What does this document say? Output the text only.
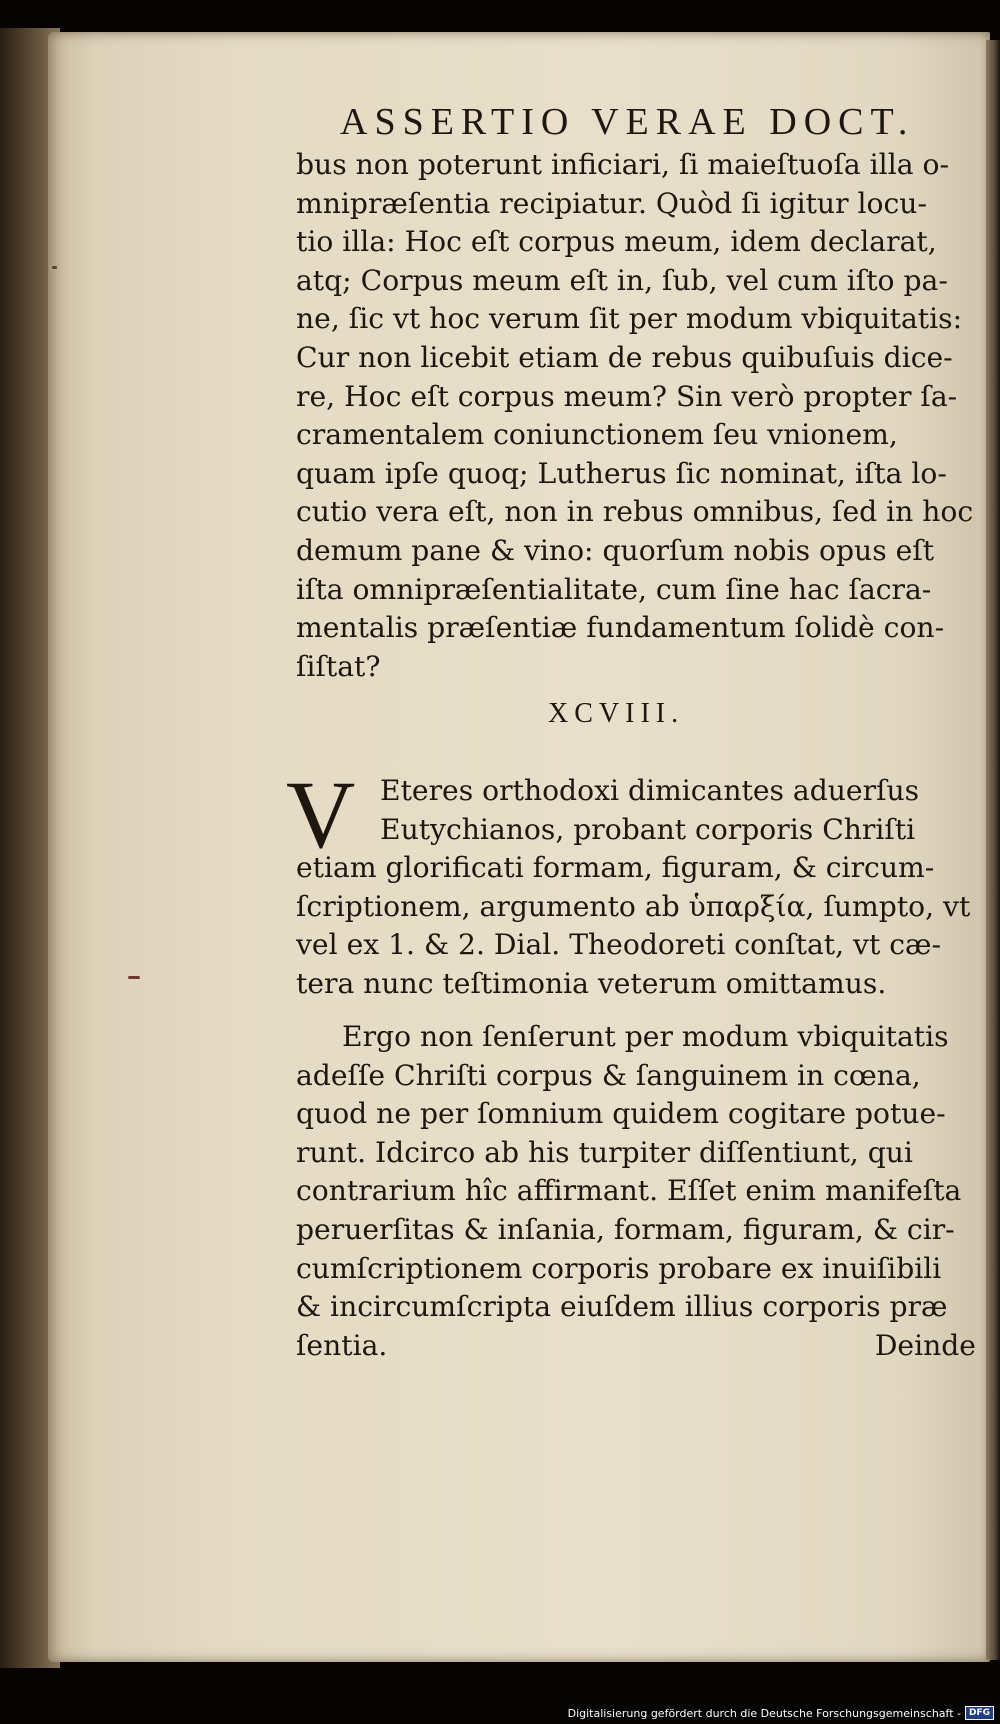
ASSERTIO VERAE DOCT.
bus non poterunt inficiari, ſi maieſtuoſa illa o-
mnipræſentia recipiatur. Quòd ſi igitur locu-
tio illa: Hoc eſt corpus meum, idem declarat,
atq; Corpus meum eſt in, ſub, vel cum iſto pa-
ne, ſic vt hoc verum ſit per modum vbiquitatis:
Cur non licebit etiam de rebus quibuſuis dice-
re, Hoc eſt corpus meum? Sin verò propter ſa-
cramentalem coniunctionem ſeu vnionem,
quam ipſe quoq; Lutherus ſic nominat, iſta lo-
cutio vera eſt, non in rebus omnibus, ſed in hoc
demum pane & vino: quorſum nobis opus eſt
iſta omnipræſentialitate, cum ſine hac ſacra-
mentalis præſentiæ fundamentum ſolidè con-
ſiſtat?
XCVIII.
V Eteres orthodoxi dimicantes aduerſus
Eutychianos, probant corporis Chriſti
etiam glorificati formam, figuram, & circum-
ſcriptionem, argumento ab ὑπαρξία, ſumpto, vt
vel ex 1. & 2. Dial. Theodoreti conſtat, vt cæ-
tera nunc teſtimonia veterum omittamus.
Ergo non ſenſerunt per modum vbiquitatis
adeſſe Chriſti corpus & ſanguinem in cœna,
quod ne per ſomnium quidem cogitare potue-
runt. Idcirco ab his turpiter diſſentiunt, qui
contrarium hîc affirmant. Eſſet enim manifeſta
peruerſitas & inſania, formam, figuram, & cir-
cumſcriptionem corporis probare ex inuiſibili
& incircumſcripta eiuſdem illius corporis præ
ſentia.	Deinde
Digitalisierung gefördert durch die Deutsche Forschungsgemeinschaft - DFG
